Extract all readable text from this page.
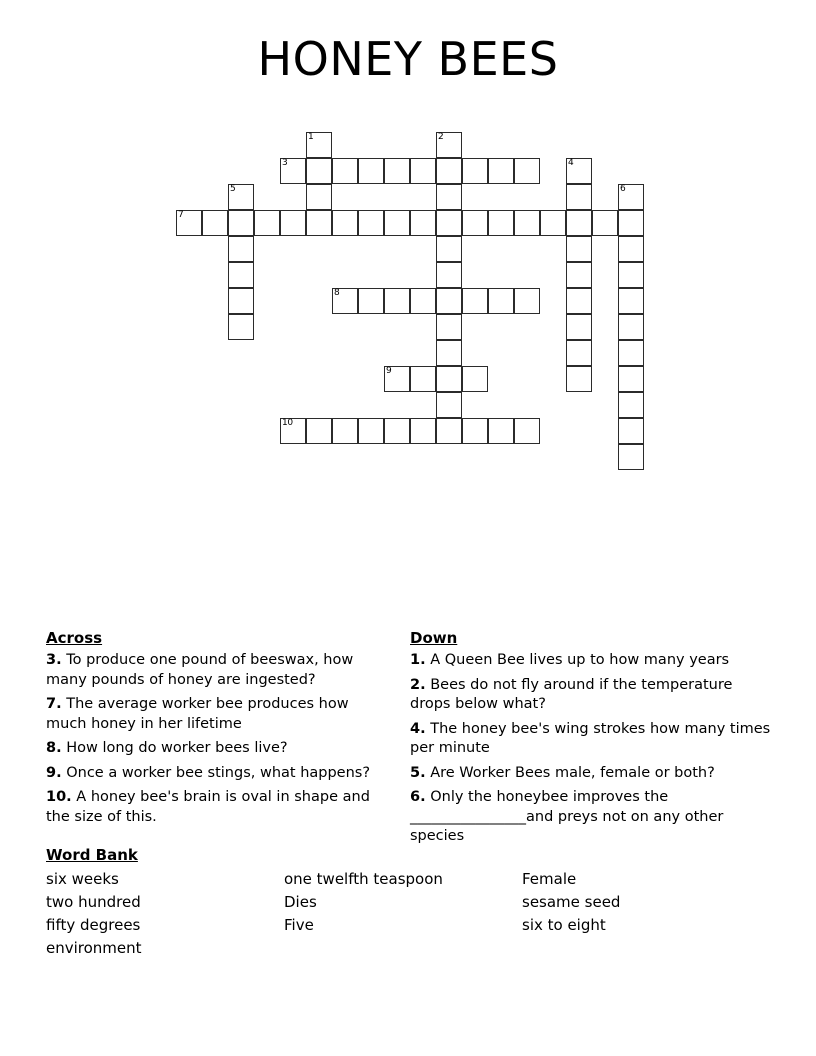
HONEY BEES
1	2
3	4
5	6
7
8
9
10
Across

3. To produce one pound of beeswax, how many pounds of honey are ingested?

7. The average worker bee produces how much honey in her lifetime

8. How long do worker bees live?

9. Once a worker bee stings, what happens?

10. A honey bee's brain is oval in shape and the size of this.

Down

1. A Queen Bee lives up to how many years

2. Bees do not fly around if the temperature drops below what?

4. The honey bee's wing strokes how many times per minute

5. Are Worker Bees male, female or both?

6. Only the honeybee improves the ________________and preys not on any other species

Word Bank
six weeks
two hundred
fifty degrees
environment
one twelfth teaspoon
Dies
Five
Female
sesame seed
six to eight
